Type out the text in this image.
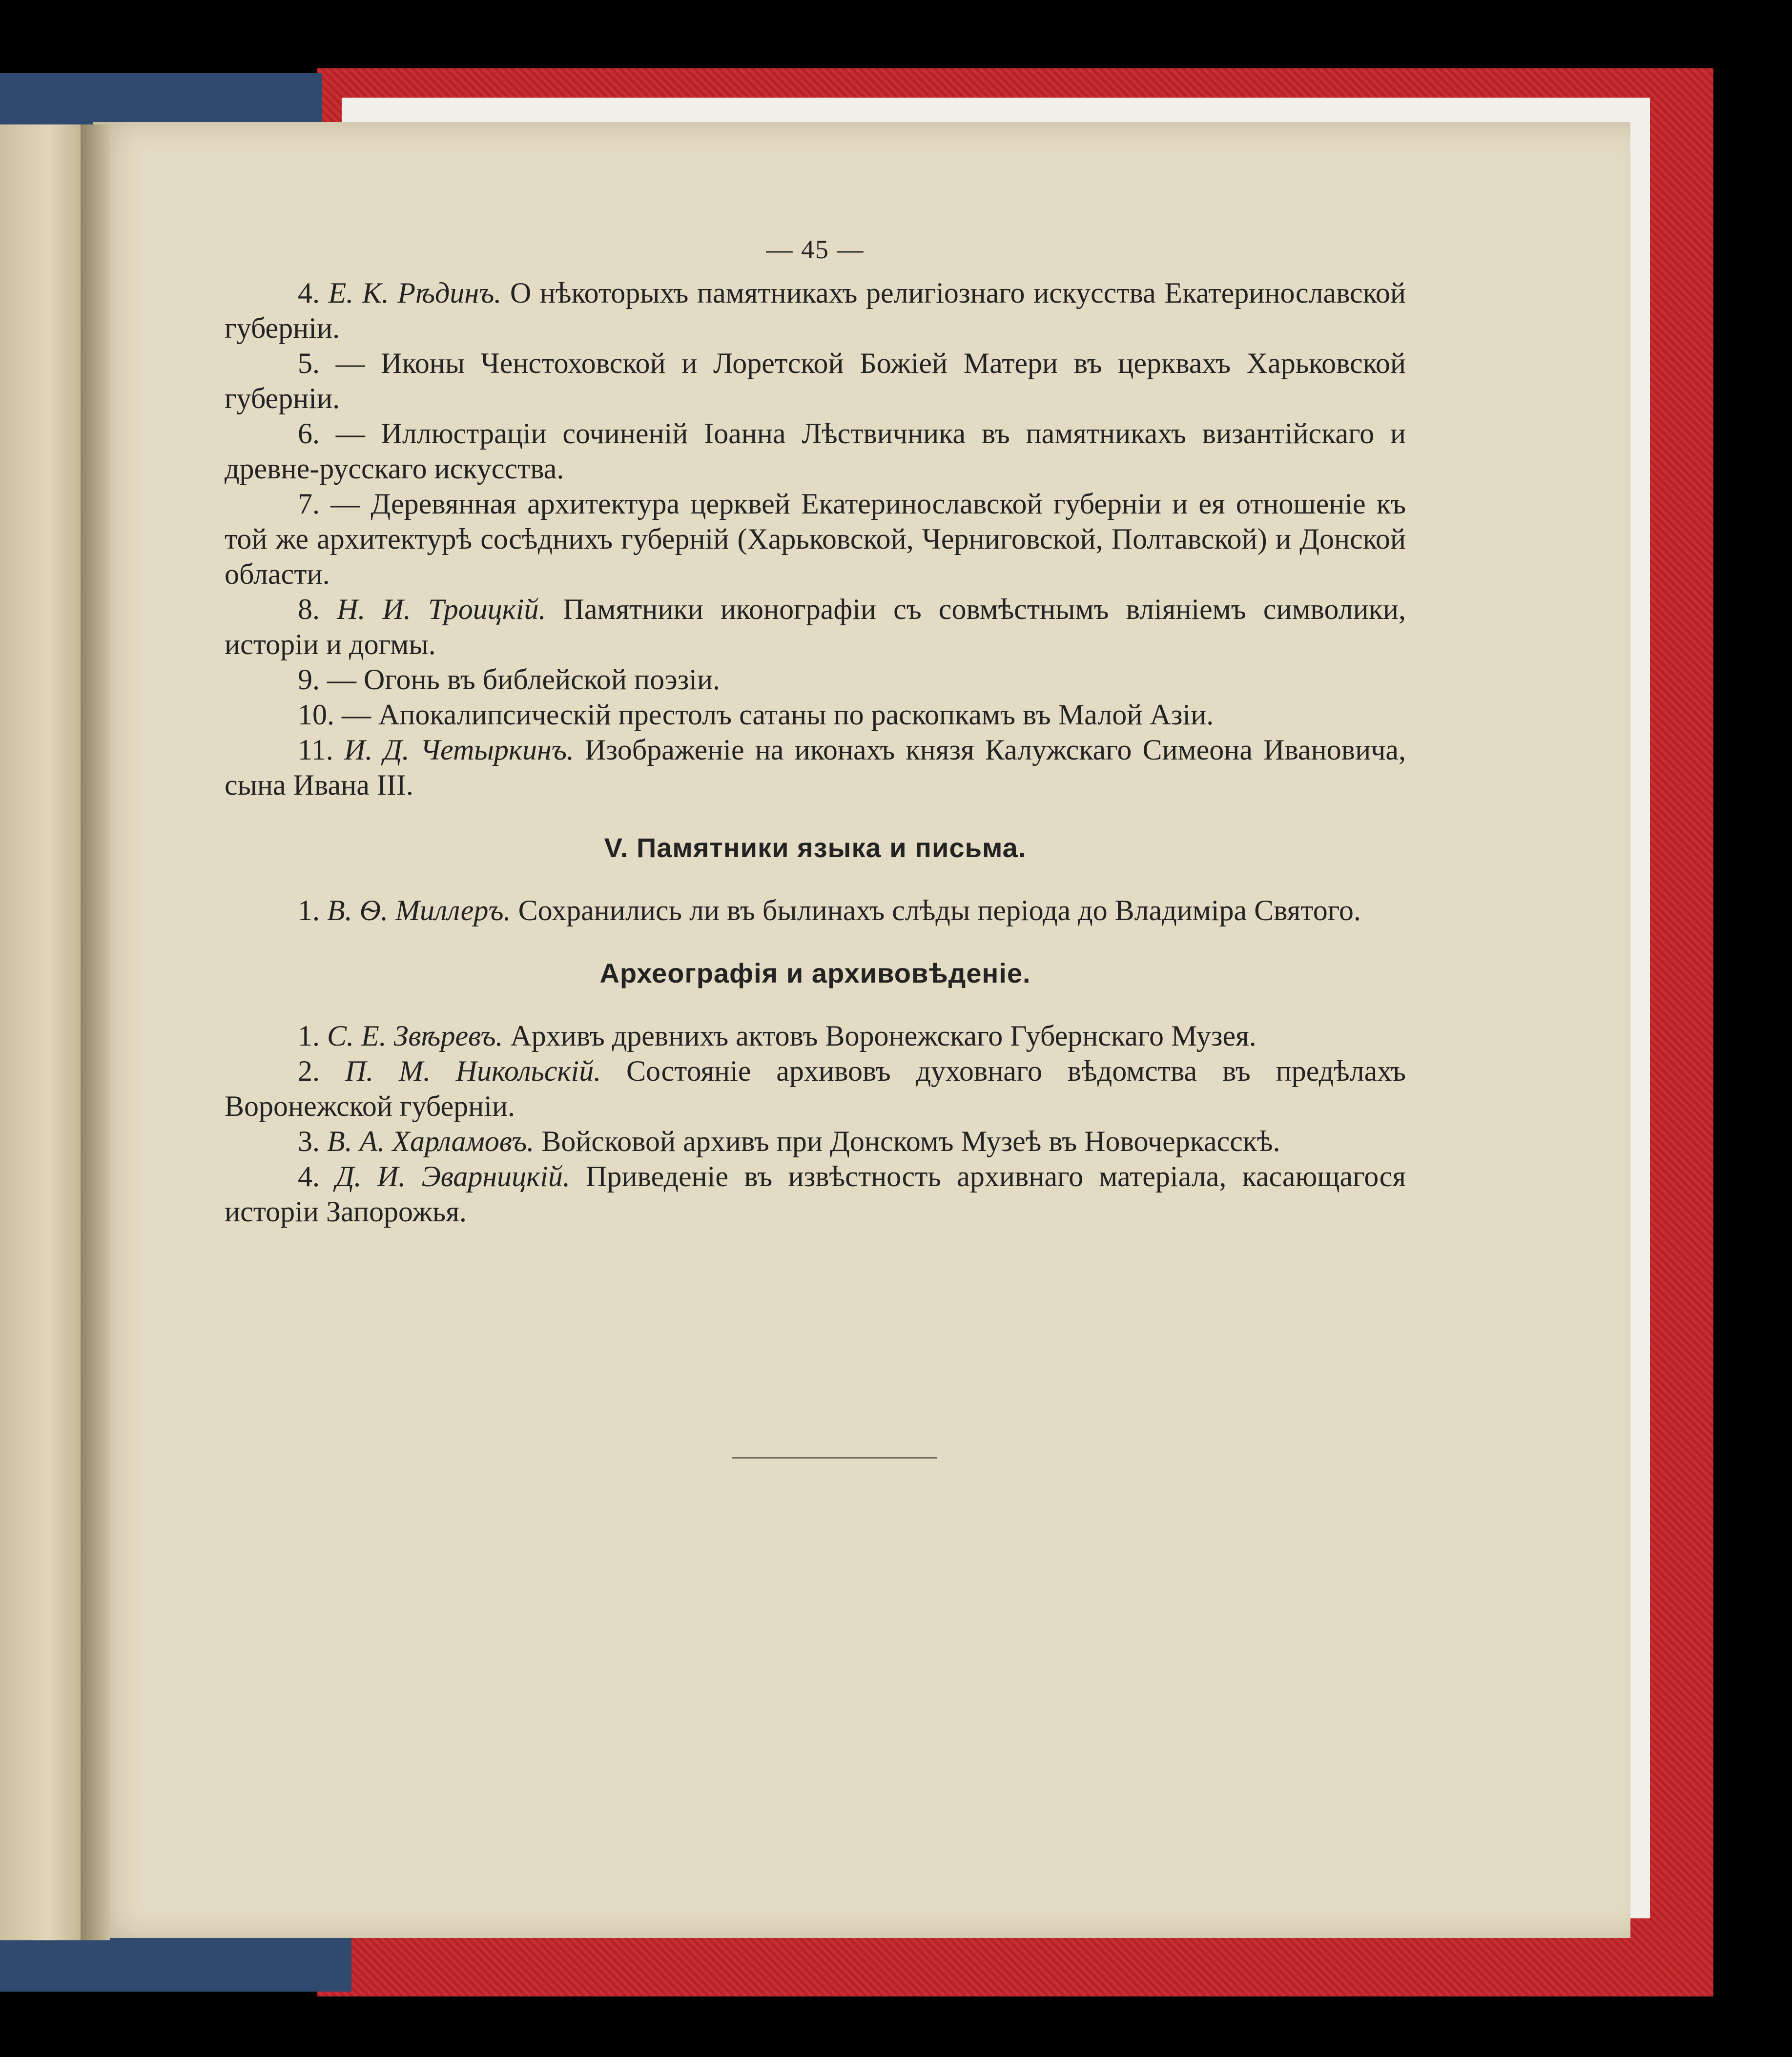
— 45 —

4. Е. К. Рѣдинъ. О нѣкоторыхъ памятникахъ религіознаго искусства Екатеринославской губерніи.

5. — Иконы Ченстоховской и Лоретской Божіей Матери въ церквахъ Харьковской губерніи.

6. — Иллюстраціи сочиненій Іоанна Лѣствичника въ памятникахъ византійскаго и древне-русскаго искусства.

7. — Деревянная архитектура церквей Екатеринославской губерніи и ея отношеніе къ той же архитектурѣ сосѣднихъ губерній (Харьковской, Черниговской, Полтавской) и Донской области.

8. Н. И. Троицкій. Памятники иконографіи съ совмѣстнымъ вліяніемъ символики, исторіи и догмы.

9. — Огонь въ библейской поэзіи.

10. — Апокалипсическій престолъ сатаны по раскопкамъ въ Малой Азіи.

11. И. Д. Четыркинъ. Изображеніе на иконахъ князя Калужскаго Симеона Ивановича, сына Ивана III.

V. Памятники языка и письма.

1. В. Ѳ. Миллеръ. Сохранились ли въ былинахъ слѣды періода до Владиміра Святого.

Археографія и архивовѣденіе.

1. С. Е. Звѣревъ. Архивъ древнихъ актовъ Воронежскаго Губернскаго Музея.

2. П. М. Никольскій. Состояніе архивовъ духовнаго вѣдомства въ предѣлахъ Воронежской губерніи.

3. В. А. Харламовъ. Войсковой архивъ при Донскомъ Музеѣ въ Новочеркасскѣ.

4. Д. И. Эварницкій. Приведеніе въ извѣстность архивнаго матеріала, касающагося исторіи Запорожья.
